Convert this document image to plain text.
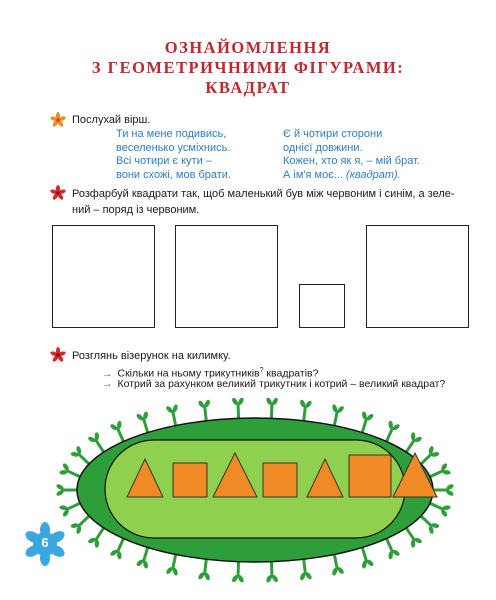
ОЗНАЙОМЛЕННЯ
З ГЕОМЕТРИЧНИМИ ФІГУРАМИ:
КВАДРАТ

Послухай вірш.

Ти на мене подивись,
веселенько усміхнись.
Всі чотири є кути –
вони схожі, мов брати.
Є й чотири сторони
однієї довжини.
Кожен, хто як я, – мій брат.
А ім'я моє... (квадрат).

Розфарбуй квадрати так, щоб маленький був між червоним і синім, а зеле-

ний – поряд із червоним.

Розглянь візерунок на килимку.

→ Скільки на ньому трикутників? квадратів?

→ Котрий за рахунком великий трикутник і котрий – великий квадрат?

6
